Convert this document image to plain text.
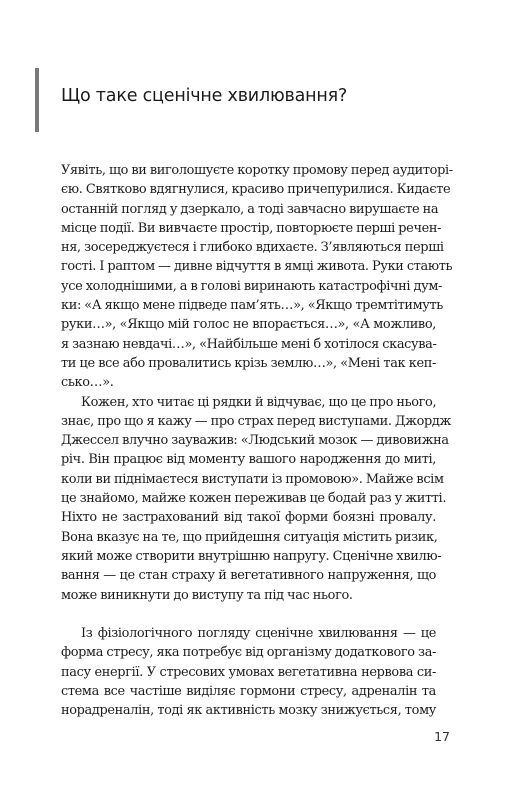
Що таке сценічне хвилювання?
Уявіть, що ви виголошуєте коротку промову перед аудиторі-
єю. Святково вдягнулися, красиво причепурилися. Кидаєте
останній погляд у дзеркало, а тоді завчасно вирушаєте на
місце події. Ви вивчаєте простір, повторюєте перші речен-
ня, зосереджуєтеся і глибоко вдихаєте. З’являються перші
гості. І раптом — дивне відчуття в ямці живота. Руки стають
усе холоднішими, а в голові виринають катастрофічні дум-
ки: «А якщо мене підведе пам’ять…», «Якщо тремтітимуть
руки…», «Якщо мій голос не впорається…», «А можливо,
я зазнаю невдачі…», «Найбільше мені б хотілося скасува-
ти це все або провалитись крізь землю…», «Мені так кеп-
сько…».
Кожен, хто читає ці рядки й відчуває, що це про нього,
знає, про що я кажу — про страх перед виступами. Джордж
Джессел влучно зауважив: «Людський мозок — дивовижна
річ. Він працює від моменту вашого народження до миті,
коли ви піднімаєтеся виступати із промовою». Майже всім
це знайомо, майже кожен переживав це бодай раз у житті.
Ніхто не застрахований від такої форми боязні провалу.
Вона вказує на те, що прийдешня ситуація містить ризик,
який може створити внутрішню напругу. Сценічне хвилю-
вання — це стан страху й вегетативного напруження, що
може виникнути до виступу та під час нього.
Із фізіологічного погляду сценічне хвилювання — це
форма стресу, яка потребує від організму додаткового за-
пасу енергії. У стресових умовах вегетативна нервова си-
стема все частіше виділяє гормони стресу, адреналін та
норадреналін, тоді як активність мозку знижується, тому
17
